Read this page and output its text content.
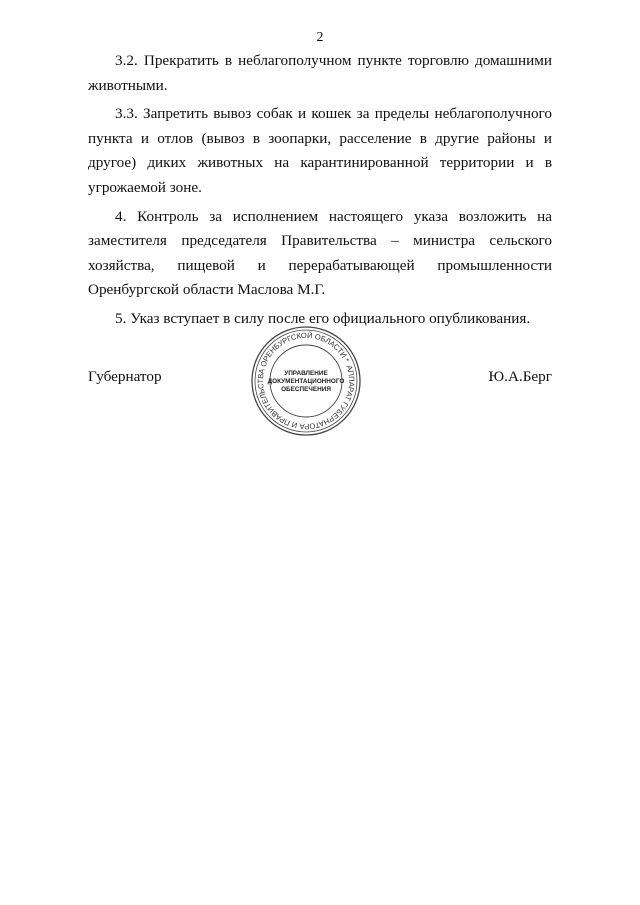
2

3.2. Прекратить в неблагополучном пункте торговлю домашними животными.

3.3. Запретить вывоз собак и кошек за пределы неблагополучного пункта и отлов (вывоз в зоопарки, расселение в другие районы и другое) диких животных на карантинированной территории и в угрожаемой зоне.

4. Контроль за исполнением настоящего указа возложить на заместителя председателя Правительства – министра сельского хозяйства, пищевой и перерабатывающей промышленности Оренбургской области Маслова М.Г.

5. Указ вступает в силу после его официального опубликования.

Губернатор	Ю.А.Берг
АППАРАТ ГУБЕРНАТОРА И ПРАВИТЕЛЬСТВА ОРЕНБУРГСКОЙ ОБЛАСТИ *
УПРАВЛЕНИЕ
ДОКУМЕНТАЦИОННОГО
ОБЕСПЕЧЕНИЯ
